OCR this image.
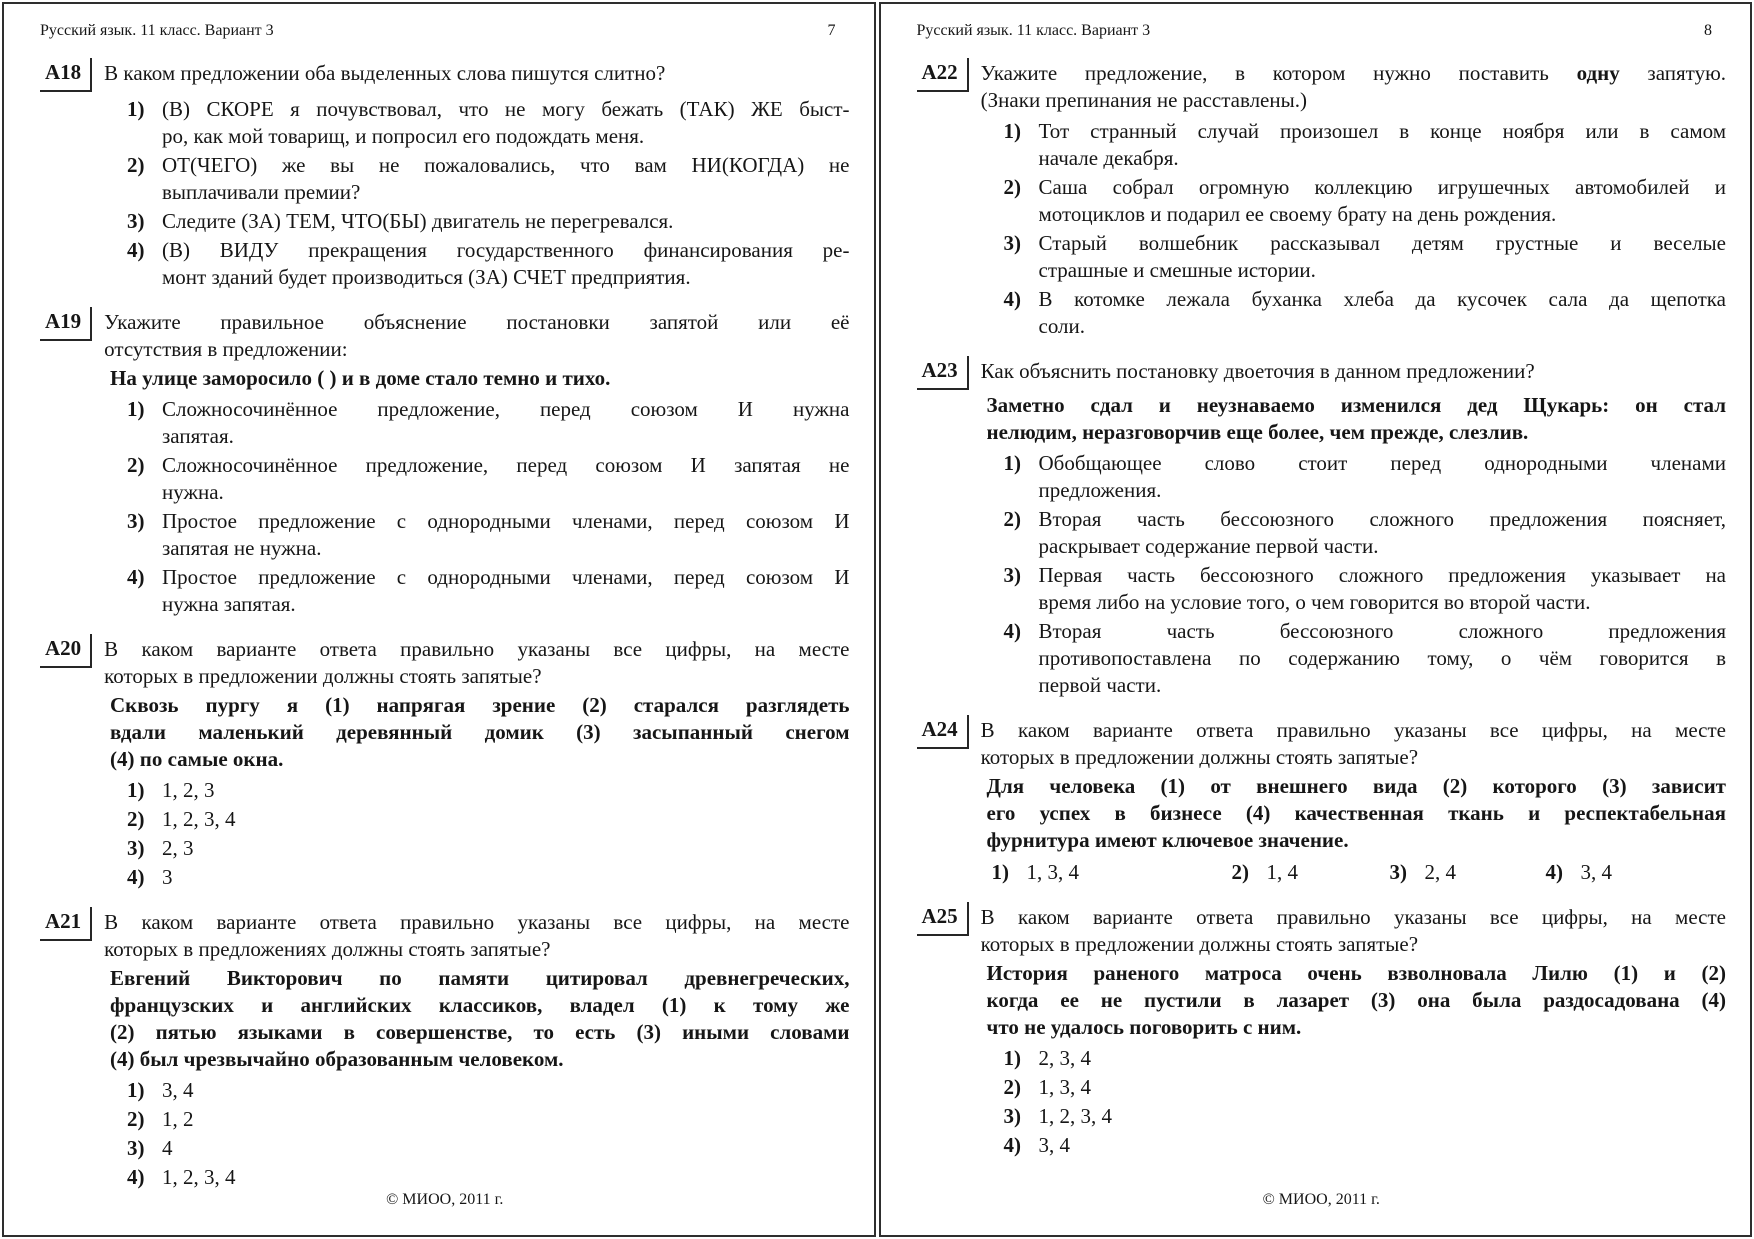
Русский язык. 11 класс. Вариант 3	7
А18	В каком предложении оба выделенных слова пишутся слитно?
1) (В) СКОРЕ я почувствовал, что не могу бежать (ТАК) ЖЕ быст-
ро, как мой товарищ, и попросил его подождать меня.
2) ОТ(ЧЕГО) же вы не пожаловались, что вам НИ(КОГДА) не
выплачивали премии?
3) Следите (ЗА) ТЕМ, ЧТО(БЫ) двигатель не перегревался.
4) (В) ВИДУ прекращения государственного финансирования ре-
монт зданий будет производиться (ЗА) СЧЕТ предприятия.
А19	Укажите правильное объяснение постановки запятой или её
отсутствия в предложении:
На улице заморосило ( ) и в доме стало темно и тихо.
1) Сложносочинённое предложение, перед союзом И нужна
запятая.
2) Сложносочинённое предложение, перед союзом И запятая не
нужна.
3) Простое предложение с однородными членами, перед союзом И
запятая не нужна.
4) Простое предложение с однородными членами, перед союзом И
нужна запятая.
А20	В каком варианте ответа правильно указаны все цифры, на месте
которых в предложении должны стоять запятые?
Сквозь пургу я (1) напрягая зрение (2) старался разглядеть
вдали маленький деревянный домик (3) засыпанный снегом
(4) по самые окна.
1) 1, 2, 3
2) 1, 2, 3, 4
3) 2, 3
4) 3
А21	В каком варианте ответа правильно указаны все цифры, на месте
которых в предложениях должны стоять запятые?
Евгений Викторович по памяти цитировал древнегреческих,
французских и английских классиков, владел (1) к тому же
(2) пятью языками в совершенстве, то есть (3) иными словами
(4) был чрезвычайно образованным человеком.
1) 3, 4
2) 1, 2
3) 4
4) 1, 2, 3, 4
© МИОО, 2011 г.
Русский язык. 11 класс. Вариант 3	8
А22	Укажите предложение, в котором нужно поставить одну запятую.
(Знаки препинания не расставлены.)
1) Тот странный случай произошел в конце ноября или в самом
начале декабря.
2) Саша собрал огромную коллекцию игрушечных автомобилей и
мотоциклов и подарил ее своему брату на день рождения.
3) Старый волшебник рассказывал детям грустные и веселые
страшные и смешные истории.
4) В котомке лежала буханка хлеба да кусочек сала да щепотка
соли.
А23	Как объяснить постановку двоеточия в данном предложении?
Заметно сдал и неузнаваемо изменился дед Щукарь: он стал
нелюдим, неразговорчив еще более, чем прежде, слезлив.
1) Обобщающее слово стоит перед однородными членами
предложения.
2) Вторая часть бессоюзного сложного предложения поясняет,
раскрывает содержание первой части.
3) Первая часть бессоюзного сложного предложения указывает на
время либо на условие того, о чем говорится во второй части.
4) Вторая часть бессоюзного сложного предложения
противопоставлена по содержанию тому, о чём говорится в
первой части.
А24	В каком варианте ответа правильно указаны все цифры, на месте
которых в предложении должны стоять запятые?
Для человека (1) от внешнего вида (2) которого (3) зависит
его успех в бизнесе (4) качественная ткань и респектабельная
фурнитура имеют ключевое значение.
1) 1, 3, 4	2) 1, 4	3) 2, 4	4) 3, 4
А25	В каком варианте ответа правильно указаны все цифры, на месте
которых в предложении должны стоять запятые?
История раненого матроса очень взволновала Лилю (1) и (2)
когда ее не пустили в лазарет (3) она была раздосадована (4)
что не удалось поговорить с ним.
1) 2, 3, 4
2) 1, 3, 4
3) 1, 2, 3, 4
4) 3, 4
© МИОО, 2011 г.
